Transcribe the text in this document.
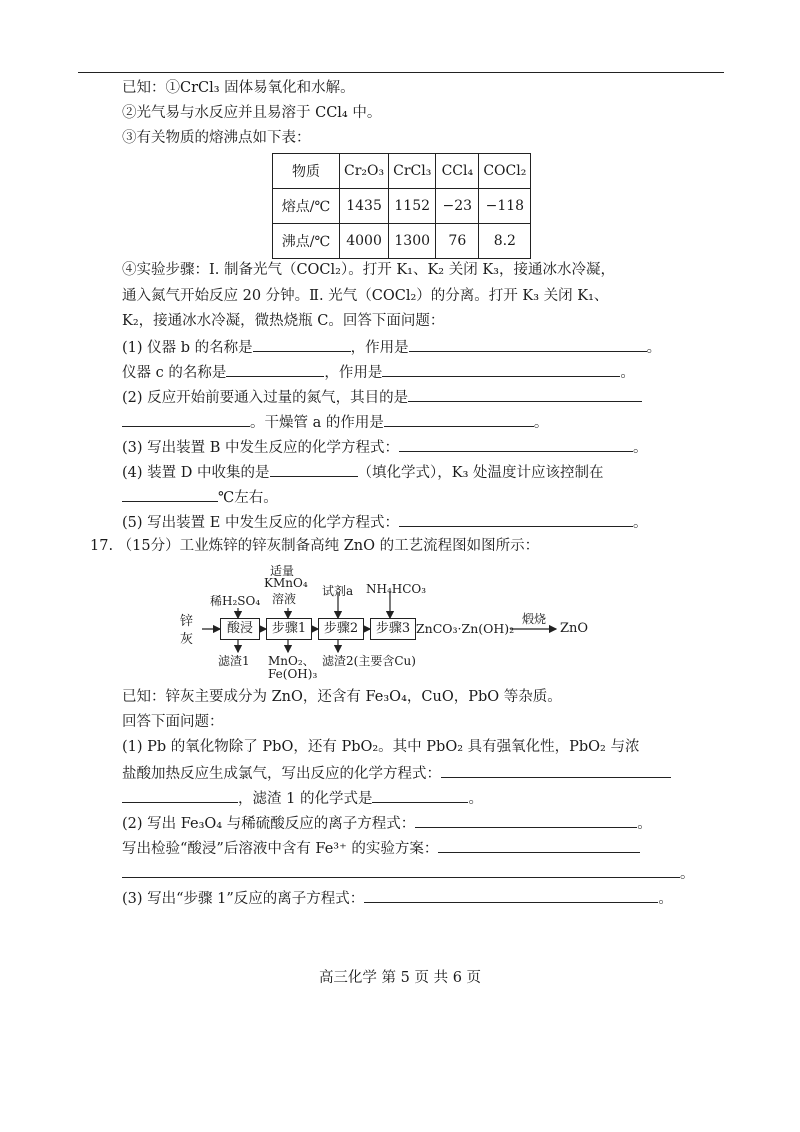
已知：①CrCl₃ 固体易氧化和水解。
②光气易与水反应并且易溶于 CCl₄ 中。
③有关物质的熔沸点如下表：
物质	Cr₂O₃	CrCl₃	CCl₄	COCl₂
熔点/℃	1435	1152	−23	−118
沸点/℃	4000	1300	76	8.2
④实验步骤：Ⅰ. 制备光气（COCl₂）。打开 K₁、K₂ 关闭 K₃，接通冰水冷凝，
通入氮气开始反应 20 分钟。Ⅱ. 光气（COCl₂）的分离。打开 K₃ 关闭 K₁、
K₂，接通冰水冷凝，微热烧瓶 C。回答下面问题：
(1) 仪器 b 的名称是	，作用是	。
仪器 c 的名称是	，作用是	。
(2) 反应开始前要通入过量的氮气，其目的是
。干燥管 a 的作用是	。
(3) 写出装置 B 中发生反应的化学方程式：	。
(4) 装置 D 中收集的是	（填化学式），K₃ 处温度计应该控制在
℃左右。
(5) 写出装置 E 中发生反应的化学方程式：	。
17. （15分）工业炼锌的锌灰制备高纯 ZnO 的工艺流程图如图所示：
锌
灰
稀H₂SO₄
适量
KMnO₄
溶液
试剂a NH₄HCO₃
酸浸	步骤1	步骤2	步骤3 ZnCO₃·Zn(OH)₂
煅烧
ZnO
滤渣1 MnO₂、
Fe(OH)₃
滤渣2(主要含Cu)
已知：锌灰主要成分为 ZnO，还含有 Fe₃O₄，CuO，PbO 等杂质。
回答下面问题：
(1) Pb 的氧化物除了 PbO，还有 PbO₂。其中 PbO₂ 具有强氧化性，PbO₂ 与浓
盐酸加热反应生成氯气，写出反应的化学方程式：
，滤渣 1 的化学式是	。
(2) 写出 Fe₃O₄ 与稀硫酸反应的离子方程式：	。
写出检验“酸浸”后溶液中含有 Fe³⁺ 的实验方案：
。
(3) 写出“步骤 1”反应的离子方程式：	。
高三化学 第 5 页 共 6 页
